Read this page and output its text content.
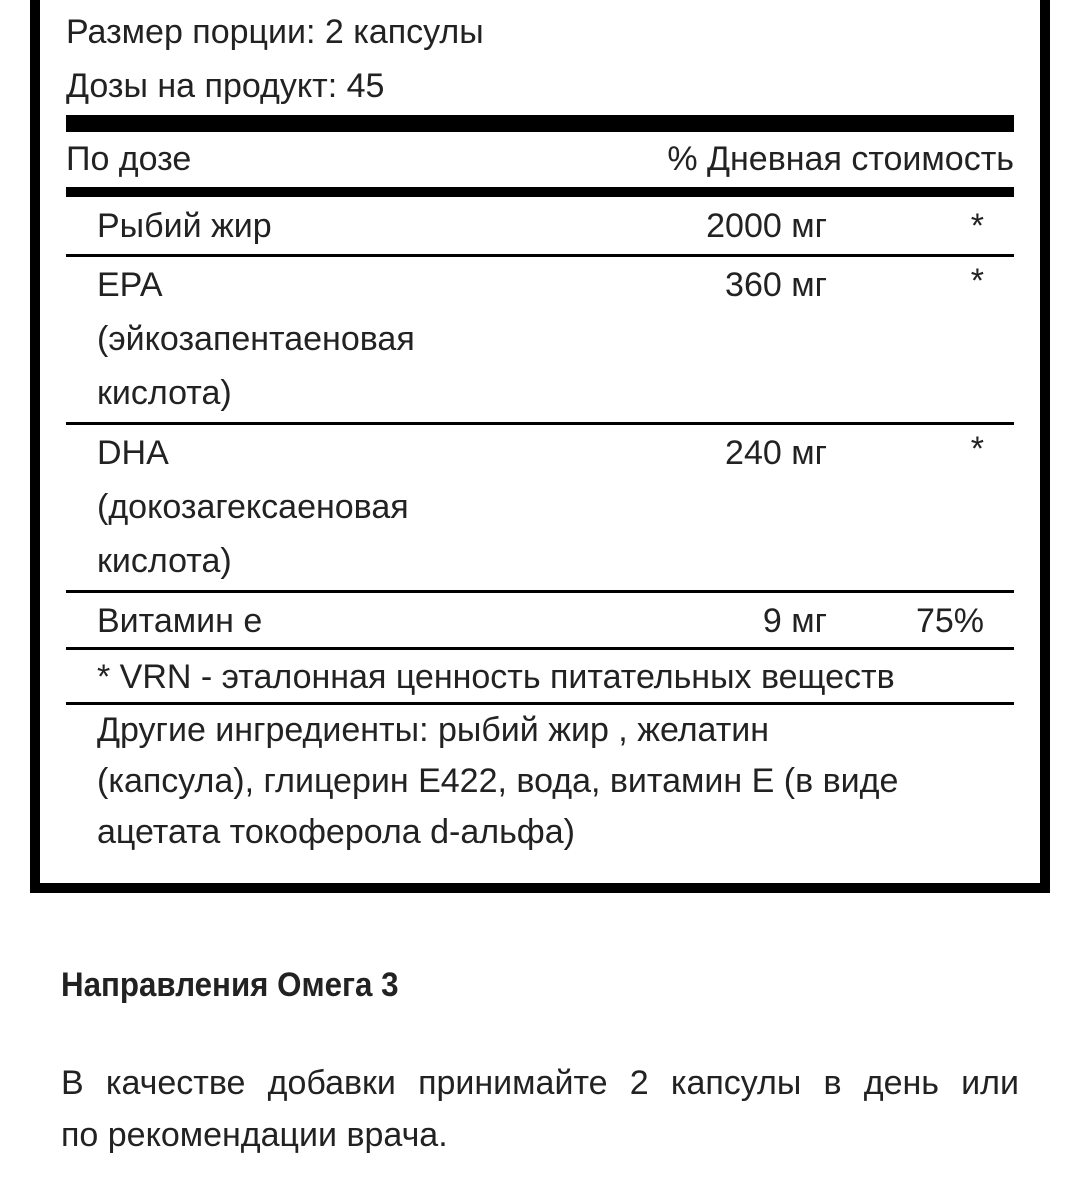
Размер порции: 2 капсулы
Дозы на продукт: 45
По дозе	% Дневная стоимость
Рыбий жир	2000 мг	*
EPA
(эйкозапентаеновая
кислота)
360 мг	*
DHA
(докозагексаеновая
кислота)
240 мг	*
Витамин е	9 мг	75%
* VRN - эталонная ценность питательных веществ
Другие ингредиенты: рыбий жир , желатин
(капсула), глицерин E422, вода, витамин E (в виде
ацетата токоферола d-альфа)
Направления Омега 3
В качестве добавки принимайте 2 капсулы в день или
по рекомендации врача.
